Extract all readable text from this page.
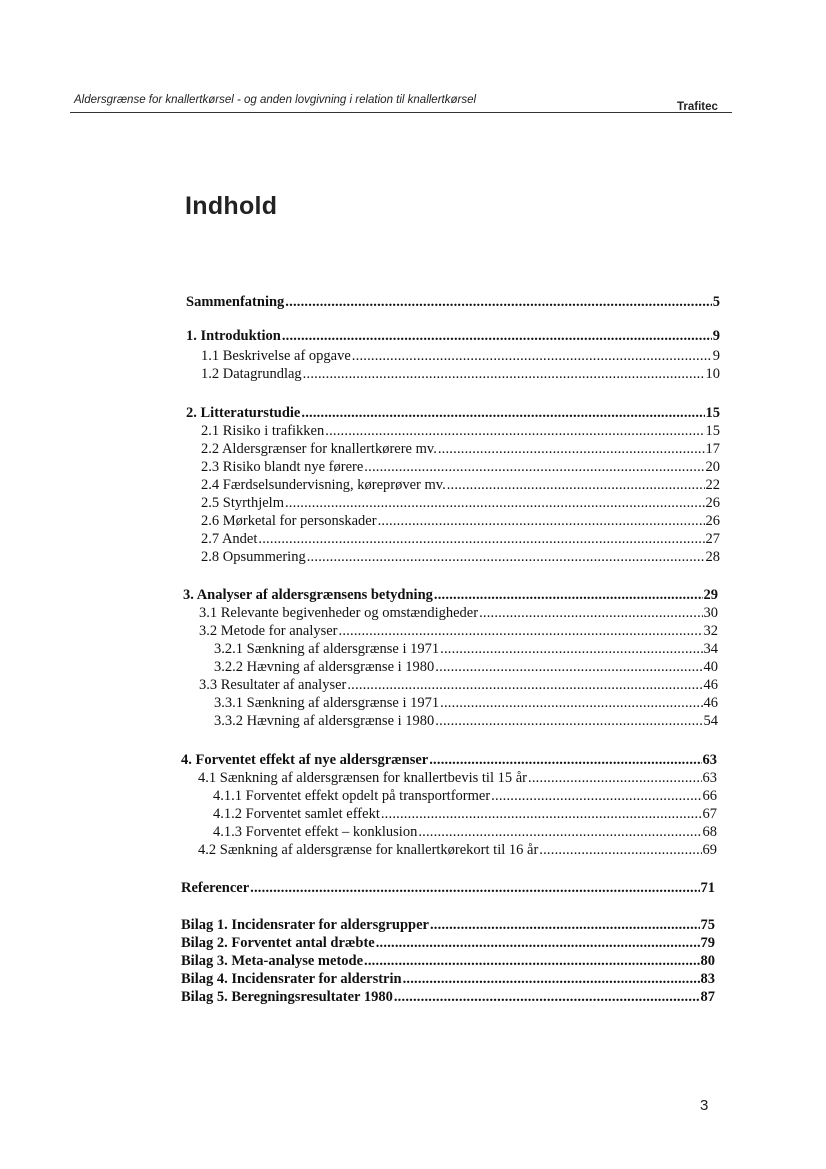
Aldersgrænse for knallertkørsel - og anden lovgivning i relation til knallertkørsel
Trafitec
Indhold
Sammenfatning .....	5
1. Introduktion .....	9
1.1 Beskrivelse af opgave .....	9
1.2 Datagrundlag .....	10
2. Litteraturstudie .....	15
2.1 Risiko i trafikken .....	15
2.2 Aldersgrænser for knallertkørere mv. .....	17
2.3 Risiko blandt nye førere .....	20
2.4 Færdselsundervisning, køreprøver mv. .....	22
2.5 Styrthjelm .....	26
2.6 Mørketal for personskader .....	26
2.7 Andet .....	27
2.8 Opsummering .....	28
3. Analyser af aldersgrænsens betydning .....	29
3.1 Relevante begivenheder og omstændigheder .....	30
3.2 Metode for analyser .....	32
3.2.1 Sænkning af aldersgrænse i 1971 .....	34
3.2.2 Hævning af aldersgrænse i 1980 .....	40
3.3 Resultater af analyser .....	46
3.3.1 Sænkning af aldersgrænse i 1971 .....	46
3.3.2 Hævning af aldersgrænse i 1980 .....	54
4. Forventet effekt af nye aldersgrænser .....	63
4.1 Sænkning af aldersgrænsen for knallertbevis til 15 år .....	63
4.1.1 Forventet effekt opdelt på transportformer .....	66
4.1.2 Forventet samlet effekt .....	67
4.1.3 Forventet effekt – konklusion .....	68
4.2 Sænkning af aldersgrænse for knallertkørekort til 16 år .....	69
Referencer .....	71
Bilag 1. Incidensrater for aldersgrupper .....	75
Bilag 2. Forventet antal dræbte .....	79
Bilag 3. Meta-analyse metode .....	80
Bilag 4. Incidensrater for alderstrin .....	83
Bilag 5. Beregningsresultater 1980 .....	87
3
